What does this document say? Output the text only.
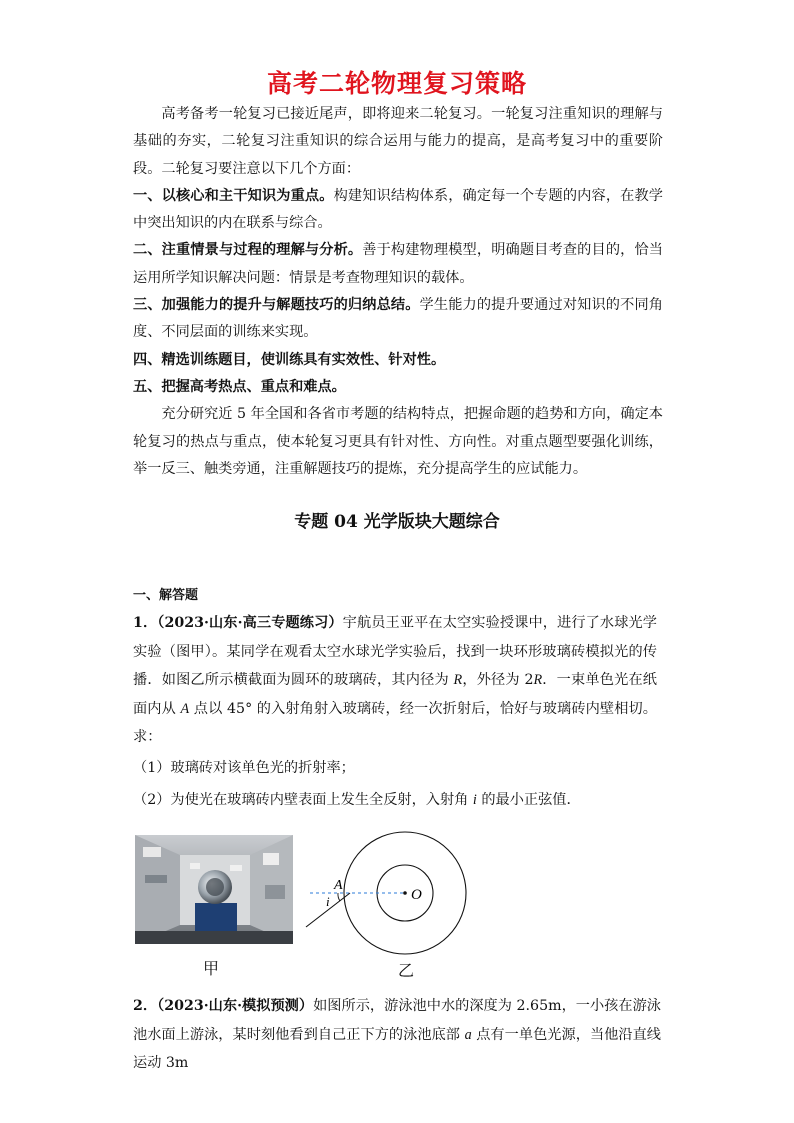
高考二轮物理复习策略

高考备考一轮复习已接近尾声，即将迎来二轮复习。一轮复习注重知识的理解与基础的夯实，二轮复习注重知识的综合运用与能力的提高，是高考复习中的重要阶段。二轮复习要注意以下几个方面：

一、以核心和主干知识为重点。构建知识结构体系，确定每一个专题的内容，在教学中突出知识的内在联系与综合。

二、注重情景与过程的理解与分析。善于构建物理模型，明确题目考查的目的，恰当运用所学知识解决问题：情景是考查物理知识的载体。

三、加强能力的提升与解题技巧的归纳总结。学生能力的提升要通过对知识的不同角度、不同层面的训练来实现。

四、精选训练题目，使训练具有实效性、针对性。

五、把握高考热点、重点和难点。

充分研究近 5 年全国和各省市考题的结构特点，把握命题的趋势和方向，确定本轮复习的热点与重点，使本轮复习更具有针对性、方向性。对重点题型要强化训练，举一反三、触类旁通，注重解题技巧的提炼，充分提高学生的应试能力。

专题 04 光学版块大题综合
一、解答题

1．（2023·山东·高三专题练习）宇航员王亚平在太空实验授课中，进行了水球光学实验（图甲）。某同学在观看太空水球光学实验后，找到一块环形玻璃砖模拟光的传播．如图乙所示横截面为圆环的玻璃砖，其内径为 R，外径为 2R．一束单色光在纸面内从 A 点以 45° 的入射角射入玻璃砖，经一次折射后，恰好与玻璃砖内壁相切。求：

（1）玻璃砖对该单色光的折射率；

（2）为使光在玻璃砖内壁表面上发生全反射，入射角 i 的最小正弦值．

A
i	O
甲	乙

2．（2023·山东·模拟预测）如图所示，游泳池中水的深度为 2.65m，一小孩在游泳池水面上游泳，某时刻他看到自己正下方的泳池底部 a 点有一单色光源，当他沿直线运动 3m
